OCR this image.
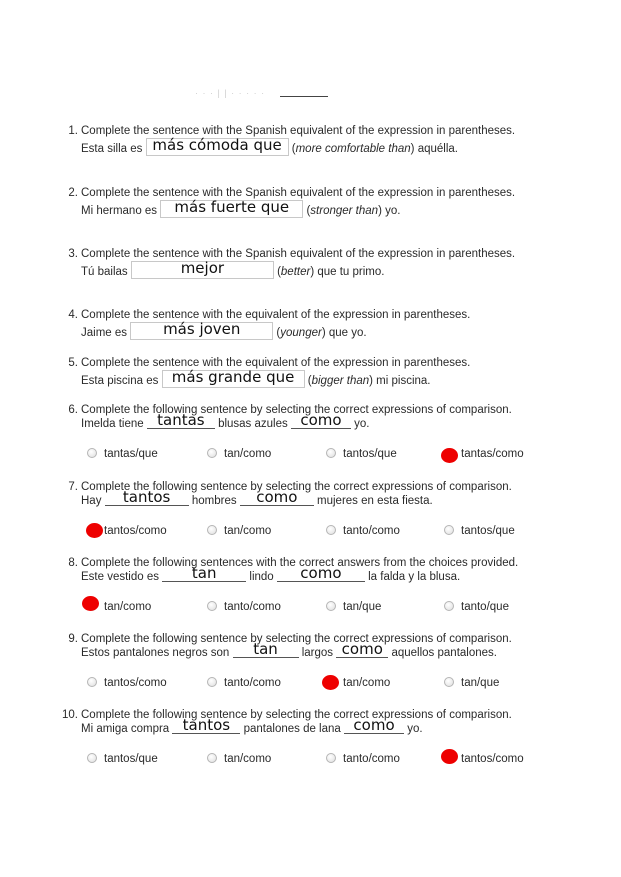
· · · | | · · · · ·
1. Complete the sentence with the Spanish equivalent of the expression in parentheses.
Esta silla es más cómoda que (more comfortable than) aquélla.
2. Complete the sentence with the Spanish equivalent of the expression in parentheses.
Mi hermano es	más fuerte que	(stronger than) yo.
3. Complete the sentence with the Spanish equivalent of the expression in parentheses.
Tú bailas	mejor	(better) que tu primo.
4. Complete the sentence with the equivalent of the expression in parentheses.
Jaime es	más joven	(younger) que yo.
5. Complete the sentence with the equivalent of the expression in parentheses.
Esta piscina es más grande que (bigger than) mi piscina.
6. Complete the following sentence by selecting the correct expressions of comparison.
Imelda tiene tantas	blusas azules como	yo.
tantas/que	tan/como	tantos/que	tantas/como
7. Complete the following sentence by selecting the correct expressions of comparison.
Hay	tantos	hombres	como	mujeres en esta fiesta.
tantos/como	tan/como	tanto/como	tantos/que
8. Complete the following sentences with the correct answers from the choices provided.
Este vestido es	tan	lindo	como	la falda y la blusa.
tan/como	tanto/como	tan/que	tanto/que
9. Complete the following sentence by selecting the correct expressions of comparison.
Estos pantalones negros son	tan	largos como aquellos pantalones.
tantos/como	tanto/como	tan/como	tan/que
10. Complete the following sentence by selecting the correct expressions of comparison.
Mi amiga compra tantos	pantalones de lana como	yo.
tantos/que	tan/como	tanto/como	tantos/como
